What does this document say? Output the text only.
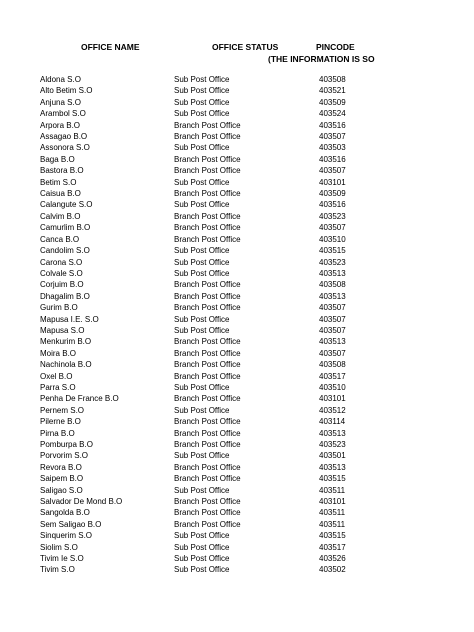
OFFICE NAME	OFFICE STATUS	PINCODE
(THE INFORMATION IS SO
Aldona S.O	Sub Post Office	403508
Alto Betim S.O	Sub Post Office	403521
Anjuna S.O	Sub Post Office	403509
Arambol S.O	Sub Post Office	403524
Arpora B.O	Branch Post Office	403516
Assagao B.O	Branch Post Office	403507
Assonora S.O	Sub Post Office	403503
Baga B.O	Branch Post Office	403516
Bastora B.O	Branch Post Office	403507
Betim S.O	Sub Post Office	403101
Caisua B.O	Branch Post Office	403509
Calangute S.O	Sub Post Office	403516
Calvim B.O	Branch Post Office	403523
Camurlim B.O	Branch Post Office	403507
Canca B.O	Branch Post Office	403510
Candolim S.O	Sub Post Office	403515
Carona S.O	Sub Post Office	403523
Colvale S.O	Sub Post Office	403513
Corjuim B.O	Branch Post Office	403508
Dhagalim B.O	Branch Post Office	403513
Gurim B.O	Branch Post Office	403507
Mapusa I.E. S.O	Sub Post Office	403507
Mapusa S.O	Sub Post Office	403507
Menkurim B.O	Branch Post Office	403513
Moira B.O	Branch Post Office	403507
Nachinola B.O	Branch Post Office	403508
Oxel B.O	Branch Post Office	403517
Parra S.O	Sub Post Office	403510
Penha De France B.O	Branch Post Office	403101
Pernem S.O	Sub Post Office	403512
Pilerne B.O	Branch Post Office	403114
Pirna B.O	Branch Post Office	403513
Pomburpa B.O	Branch Post Office	403523
Porvorim S.O	Sub Post Office	403501
Revora B.O	Branch Post Office	403513
Saipem B.O	Branch Post Office	403515
Saligao S.O	Sub Post Office	403511
Salvador De Mond B.O	Branch Post Office	403101
Sangolda B.O	Branch Post Office	403511
Sem Saligao B.O	Branch Post Office	403511
Sinquerim S.O	Sub Post Office	403515
Siolim S.O	Sub Post Office	403517
Tivim Ie S.O	Sub Post Office	403526
Tivim S.O	Sub Post Office	403502
